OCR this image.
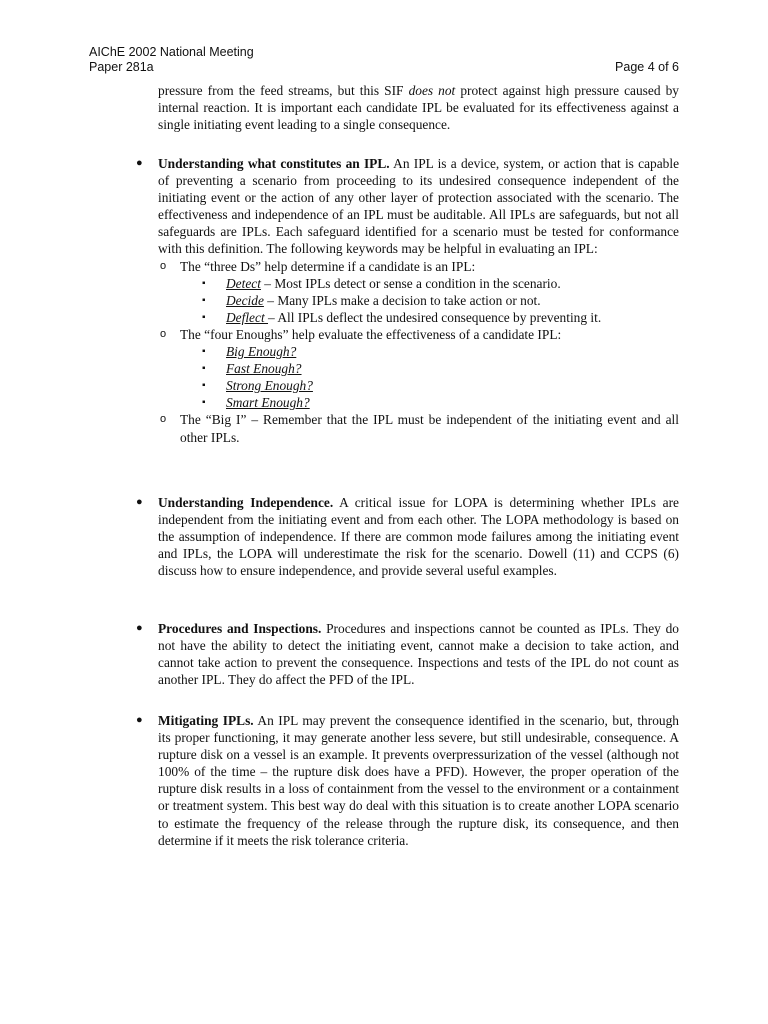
AIChE 2002 National Meeting
Paper 281a	Page 4 of 6

pressure from the feed streams, but this SIF does not protect against high pressure caused by internal reaction. It is important each candidate IPL be evaluated for its effectiveness against a single initiating event leading to a single consequence.

● Understanding what constitutes an IPL. An IPL is a device, system, or action that is capable of preventing a scenario from proceeding to its undesired consequence independent of the initiating event or the action of any other layer of protection associated with the scenario. The effectiveness and independence of an IPL must be auditable. All IPLs are safeguards, but not all safeguards are IPLs. Each safeguard identified for a scenario must be tested for conformance with this definition. The following keywords may be helpful in evaluating an IPL:

o The “three Ds” help determine if a candidate is an IPL:
▪ Detect – Most IPLs detect or sense a condition in the scenario.
▪ Decide – Many IPLs make a decision to take action or not.
▪ Deflect – All IPLs deflect the undesired consequence by preventing it.
o The “four Enoughs” help evaluate the effectiveness of a candidate IPL:
▪ Big Enough?
▪ Fast Enough?
▪ Strong Enough?
▪ Smart Enough?
o The “Big I” – Remember that the IPL must be independent of the initiating event and all other IPLs.
● Understanding Independence. A critical issue for LOPA is determining whether IPLs are independent from the initiating event and from each other. The LOPA methodology is based on the assumption of independence. If there are common mode failures among the initiating event and IPLs, the LOPA will underestimate the risk for the scenario. Dowell (11) and CCPS (6) discuss how to ensure independence, and provide several useful examples.

● Procedures and Inspections. Procedures and inspections cannot be counted as IPLs. They do not have the ability to detect the initiating event, cannot make a decision to take action, and cannot take action to prevent the consequence. Inspections and tests of the IPL do not count as another IPL. They do affect the PFD of the IPL.

● Mitigating IPLs. An IPL may prevent the consequence identified in the scenario, but, through its proper functioning, it may generate another less severe, but still undesirable, consequence. A rupture disk on a vessel is an example. It prevents overpressurization of the vessel (although not 100% of the time – the rupture disk does have a PFD). However, the proper operation of the rupture disk results in a loss of containment from the vessel to the environment or a containment or treatment system. This best way do deal with this situation is to create another LOPA scenario to estimate the frequency of the release through the rupture disk, its consequence, and then determine if it meets the risk tolerance criteria.
